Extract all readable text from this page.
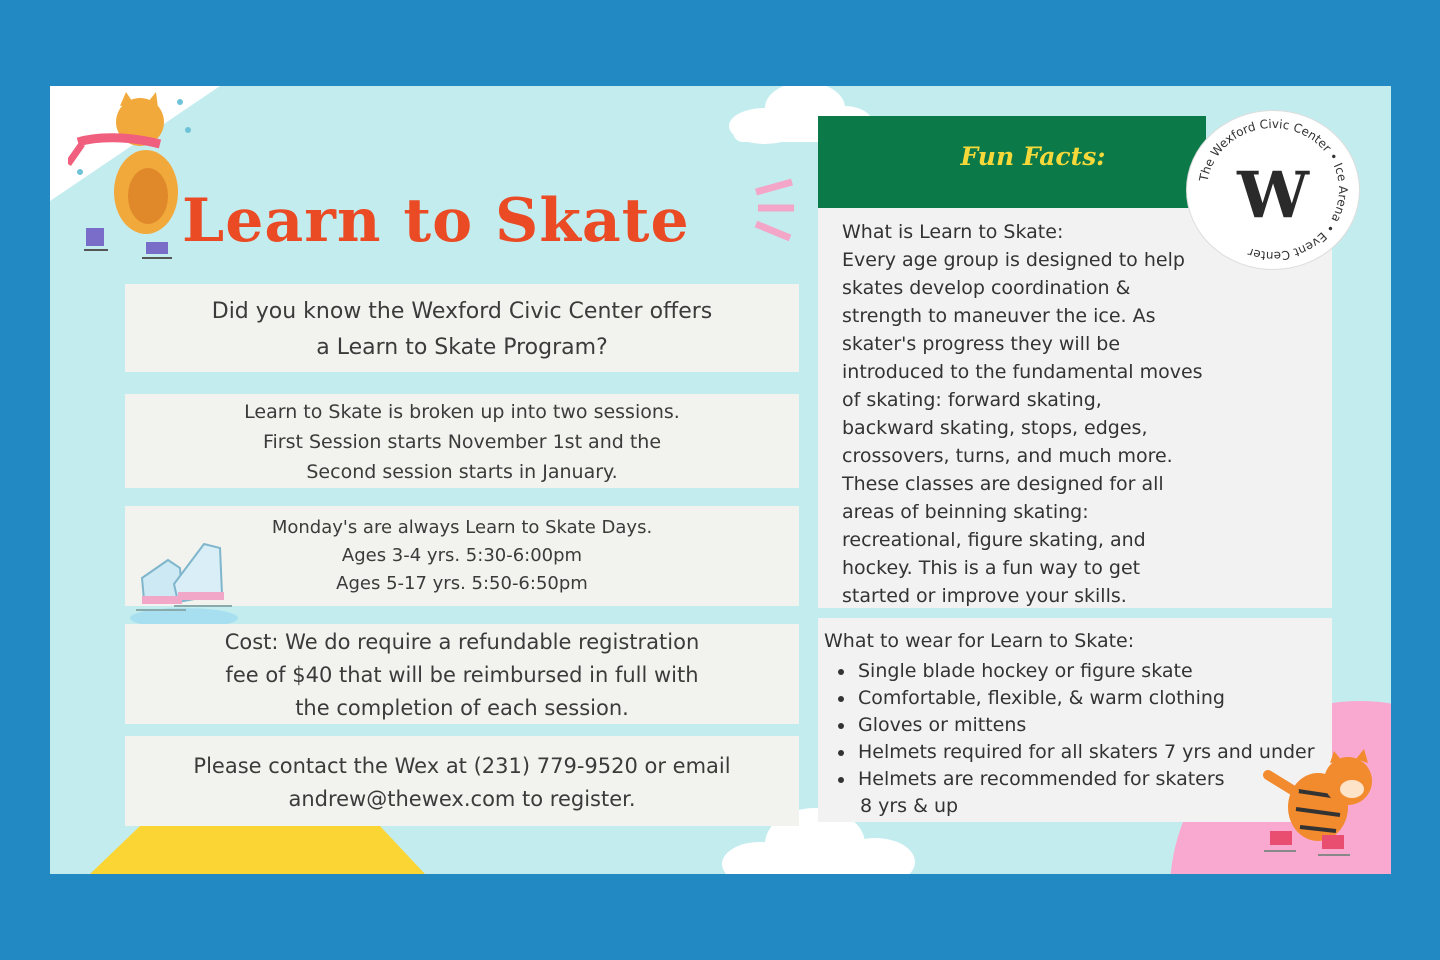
Learn to Skate

Did you know the Wexford Civic Center offers
a Learn to Skate Program?

Learn to Skate is broken up into two sessions.
First Session starts November 1st and the
Second session starts in January.

Monday's are always Learn to Skate Days.
Ages 3-4 yrs. 5:30-6:00pm
Ages 5-17 yrs. 5:50-6:50pm

Cost: We do require a refundable registration
fee of $40 that will be reimbursed in full with
the completion of each session.

Please contact the Wex at (231) 779-9520 or email
andrew@thewex.com to register.

Fun Facts:
What is Learn to Skate:
Every age group is designed to help
skates develop coordination &
strength to maneuver the ice. As
skater's progress they will be
introduced to the fundamental moves
of skating: forward skating,
backward skating, stops, edges,
crossovers, turns, and much more.
These classes are designed for all
areas of beinning skating:
recreational, figure skating, and
hockey. This is a fun way to get
started or improve your skills.
What to wear for Learn to Skate:
Single blade hockey or figure skate
Comfortable, flexible, & warm clothing
Gloves or mittens
Helmets required for all skaters 7 yrs and under
Helmets are recommended for skaters
8 yrs & up
The Wexford Civic Center • Ice Arena • Event Center
W
